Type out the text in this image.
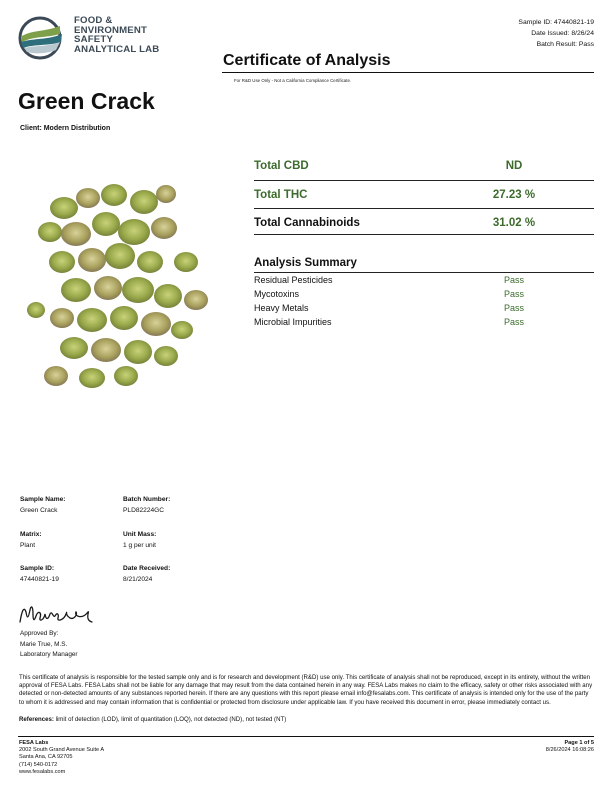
FOOD &
ENVIRONMENT
SAFETY
ANALYTICAL LAB
Sample ID: 47440821-19
Date Issued: 8/26/24
Batch Result: Pass
Certificate of Analysis
For R&D Use Only - Not a California Compliance Certificate.
Green Crack
Client: Modern Distribution
Total CBD	ND
Total THC	27.23 %
Total Cannabinoids	31.02 %
Analysis Summary
Residual Pesticides	Pass
Mycotoxins	Pass
Heavy Metals	Pass
Microbial Impurities	Pass
Sample Name:
Green Crack
Batch Number:
PLD82224GC
Matrix:
Plant
Unit Mass:
1 g per unit
Sample ID:
47440821-19
Date Received:
8/21/2024
Approved By:
Marie True, M.S.
Laboratory Manager
This certificate of analysis is responsible for the tested sample only and is for research and development (R&D) use only. This certificate of analysis shall not be reproduced, except in its entirety, without the written approval of FESA Labs. FESA Labs shall not be liable for any damage that may result from the data contained herein in any way. FESA Labs makes no claim to the efficacy, safety or other risks associated with any detected or non-detected amounts of any substances reported herein. If there are any questions with this report please email info@fesalabs.com. This certificate of analysis is intended only for the use of the party to whom it is addressed and may contain information that is confidential or protected from disclosure under applicable law. If you have received this document in error, please immediately contact us.
References: limit of detection (LOD), limit of quantitation (LOQ), not detected (ND), not tested (NT)
FESA Labs
2002 South Grand Avenue Suite A
Santa Ana, CA 92705
(714) 540-0172
www.fesalabs.com
Page 1 of 5
8/26/2024 16:08:26
